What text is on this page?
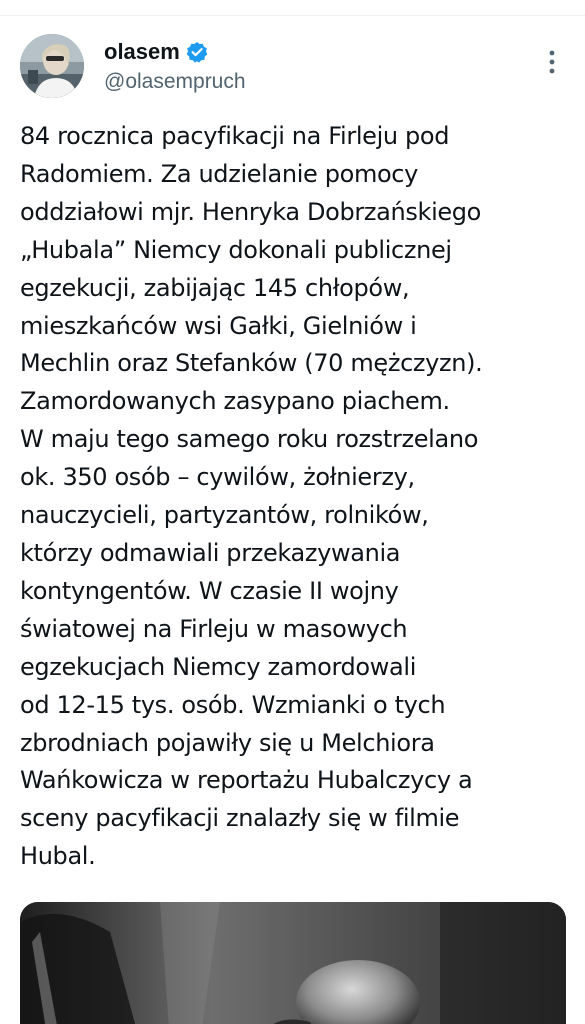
olasem
@olasempruch

84 rocznica pacyfikacji na Firleju pod
Radomiem. Za udzielanie pomocy
oddziałowi mjr. Henryka Dobrzańskiego
„Hubala” Niemcy dokonali publicznej
egzekucji, zabijając 145 chłopów,
mieszkańców wsi Gałki, Gielniów i
Mechlin oraz Stefanków (70 mężczyzn).
Zamordowanych zasypano piachem.
W maju tego samego roku rozstrzelano
ok. 350 osób – cywilów, żołnierzy,
nauczycieli, partyzantów, rolników,
którzy odmawiali przekazywania
kontyngentów. W czasie II wojny
światowej na Firleju w masowych
egzekucjach Niemcy zamordowali
od 12-15 tys. osób. Wzmianki o tych
zbrodniach pojawiły się u Melchiora
Wańkowicza w reportażu Hubalczycy a
sceny pacyfikacji znalazły się w filmie
Hubal.
